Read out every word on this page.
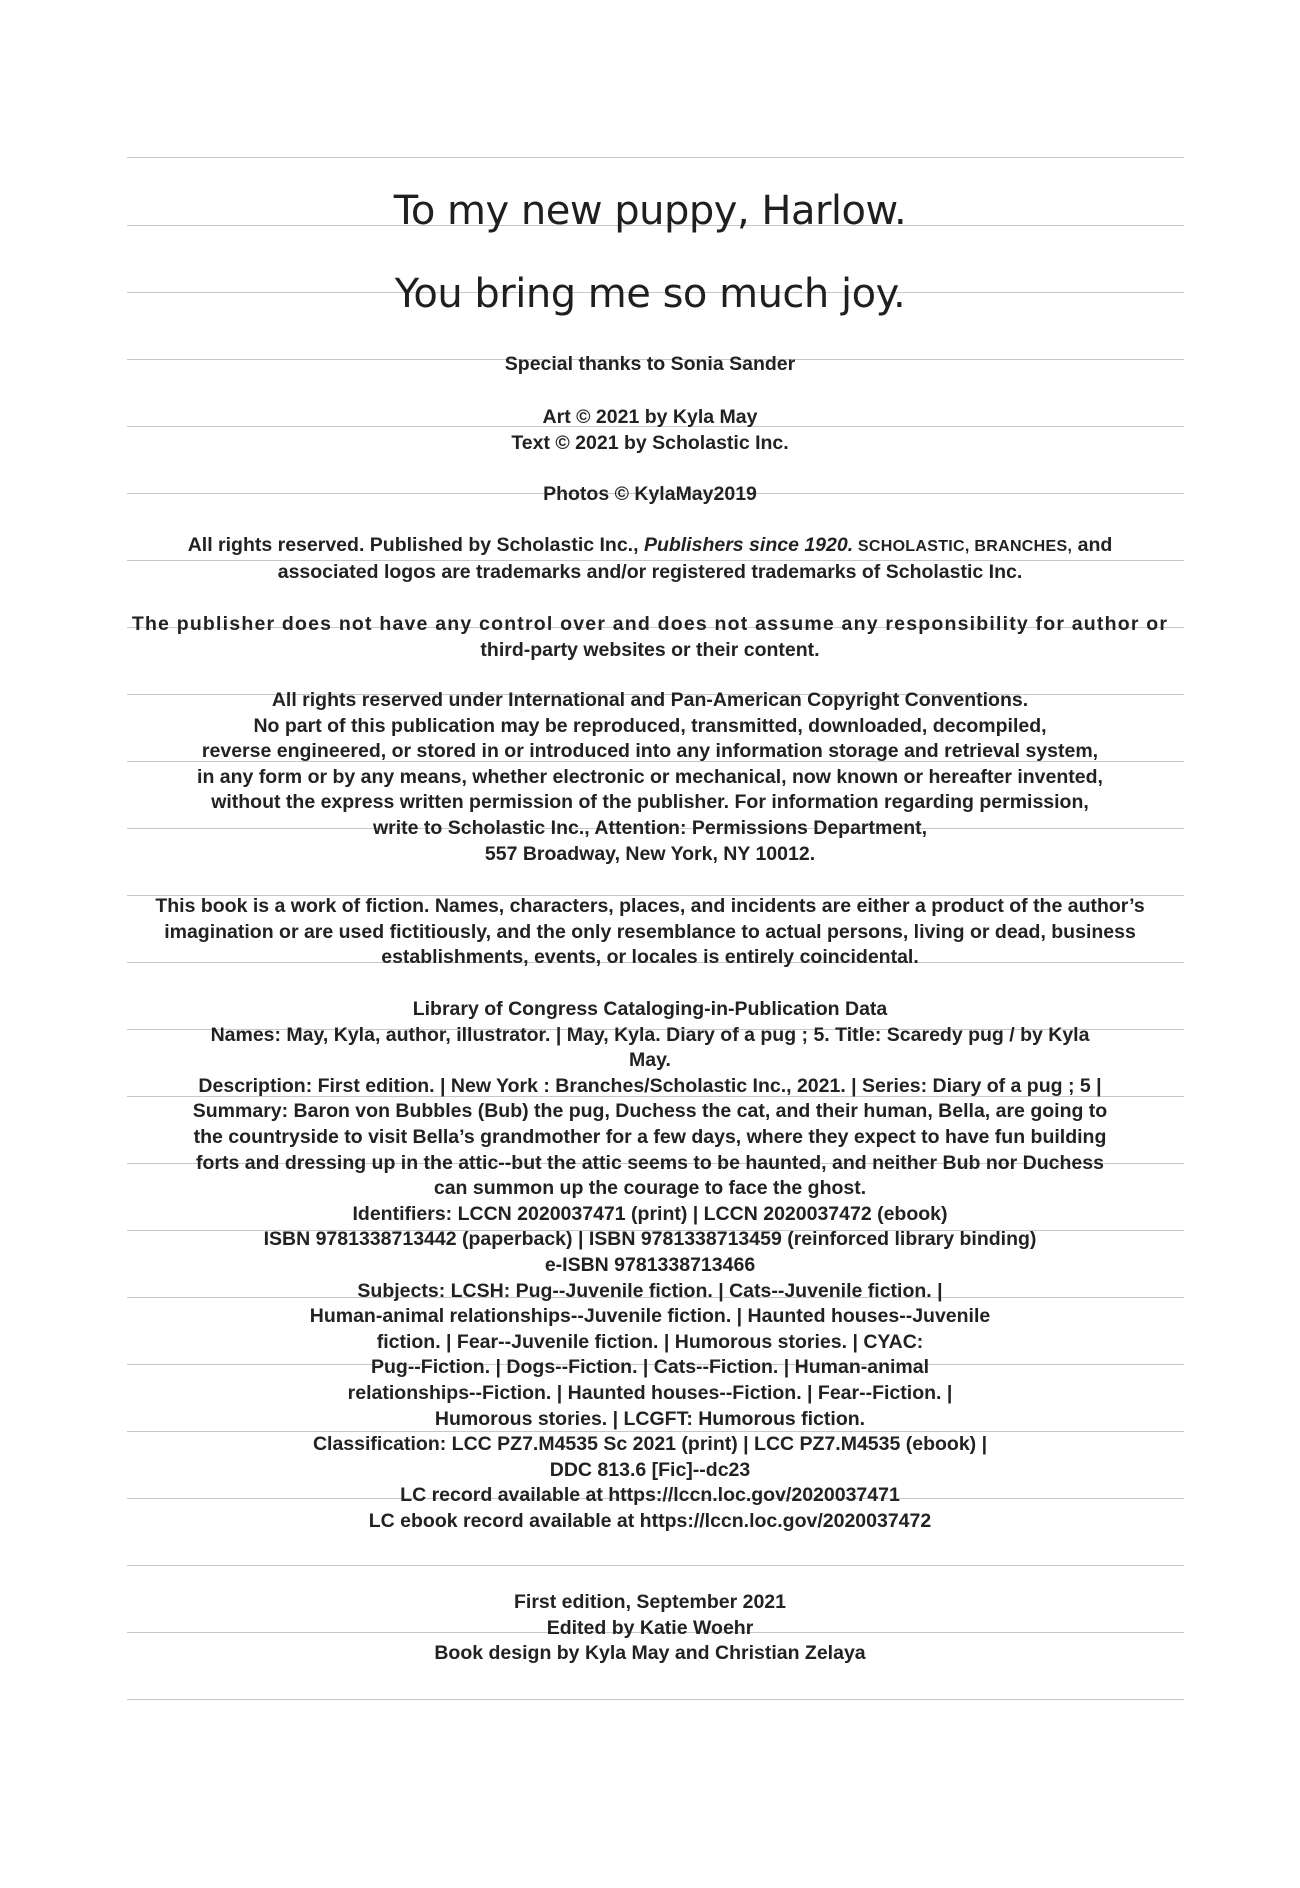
To my new puppy, Harlow.
You bring me so much joy.
Special thanks to Sonia Sander
Art © 2021 by Kyla May
Text © 2021 by Scholastic Inc.
Photos © KylaMay2019
All rights reserved. Published by Scholastic Inc., Publishers since 1920. SCHOLASTIC, BRANCHES, and
associated logos are trademarks and/or registered trademarks of Scholastic Inc.
The publisher does not have any control over and does not assume any responsibility for author or
third-party websites or their content.
All rights reserved under International and Pan-American Copyright Conventions.
No part of this publication may be reproduced, transmitted, downloaded, decompiled,
reverse engineered, or stored in or introduced into any information storage and retrieval system,
in any form or by any means, whether electronic or mechanical, now known or hereafter invented,
without the express written permission of the publisher. For information regarding permission,
write to Scholastic Inc., Attention: Permissions Department,
557 Broadway, New York, NY 10012.
This book is a work of fiction. Names, characters, places, and incidents are either a product of the author’s
imagination or are used fictitiously, and the only resemblance to actual persons, living or dead, business
establishments, events, or locales is entirely coincidental.
Library of Congress Cataloging-in-Publication Data
Names: May, Kyla, author, illustrator. | May, Kyla. Diary of a pug ; 5. Title: Scaredy pug / by Kyla
May.
Description: First edition. | New York : Branches/Scholastic Inc., 2021. | Series: Diary of a pug ; 5 |
Summary: Baron von Bubbles (Bub) the pug, Duchess the cat, and their human, Bella, are going to
the countryside to visit Bella’s grandmother for a few days, where they expect to have fun building
forts and dressing up in the attic--but the attic seems to be haunted, and neither Bub nor Duchess
can summon up the courage to face the ghost.
Identifiers: LCCN 2020037471 (print) | LCCN 2020037472 (ebook)
ISBN 9781338713442 (paperback) | ISBN 9781338713459 (reinforced library binding)
e-ISBN 9781338713466
Subjects: LCSH: Pug--Juvenile fiction. | Cats--Juvenile fiction. |
Human-animal relationships--Juvenile fiction. | Haunted houses--Juvenile
fiction. | Fear--Juvenile fiction. | Humorous stories. | CYAC:
Pug--Fiction. | Dogs--Fiction. | Cats--Fiction. | Human-animal
relationships--Fiction. | Haunted houses--Fiction. | Fear--Fiction. |
Humorous stories. | LCGFT: Humorous fiction.
Classification: LCC PZ7.M4535 Sc 2021 (print) | LCC PZ7.M4535 (ebook) |
DDC 813.6 [Fic]--dc23
LC record available at https://lccn.loc.gov/2020037471
LC ebook record available at https://lccn.loc.gov/2020037472
First edition, September 2021
Edited by Katie Woehr
Book design by Kyla May and Christian Zelaya
